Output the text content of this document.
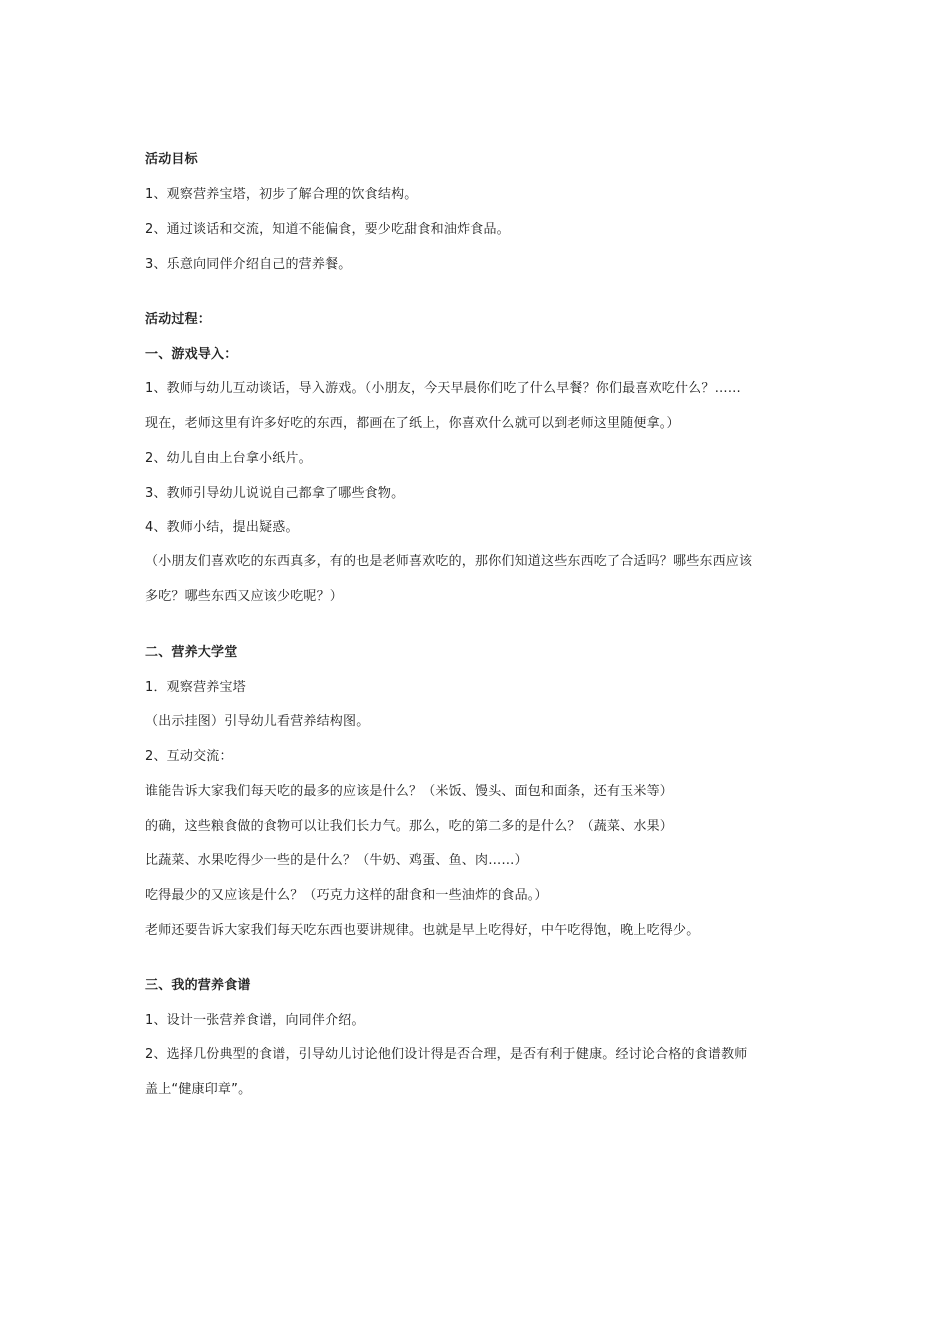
活动目标
1、观察营养宝塔，初步了解合理的饮食结构。
2、通过谈话和交流，知道不能偏食，要少吃甜食和油炸食品。
3、乐意向同伴介绍自己的营养餐。
活动过程：
一、游戏导入：
1、教师与幼儿互动谈话，导入游戏。（小朋友，今天早晨你们吃了什么早餐？你们最喜欢吃什么？……
现在，老师这里有许多好吃的东西，都画在了纸上，你喜欢什么就可以到老师这里随便拿。）
2、幼儿自由上台拿小纸片。
3、教师引导幼儿说说自己都拿了哪些食物。
4、教师小结，提出疑惑。
（小朋友们喜欢吃的东西真多，有的也是老师喜欢吃的，那你们知道这些东西吃了合适吗？哪些东西应该
多吃？哪些东西又应该少吃呢？）
二、营养大学堂
1．观察营养宝塔
（出示挂图）引导幼儿看营养结构图。
2、互动交流：
谁能告诉大家我们每天吃的最多的应该是什么？（米饭、馒头、面包和面条，还有玉米等）
的确，这些粮食做的食物可以让我们长力气。那么，吃的第二多的是什么？（蔬菜、水果）
比蔬菜、水果吃得少一些的是什么？（牛奶、鸡蛋、鱼、肉……）
吃得最少的又应该是什么？（巧克力这样的甜食和一些油炸的食品。）
老师还要告诉大家我们每天吃东西也要讲规律。也就是早上吃得好，中午吃得饱，晚上吃得少。
三、我的营养食谱
1、设计一张营养食谱，向同伴介绍。
2、选择几份典型的食谱，引导幼儿讨论他们设计得是否合理，是否有利于健康。经讨论合格的食谱教师
盖上“健康印章”。
